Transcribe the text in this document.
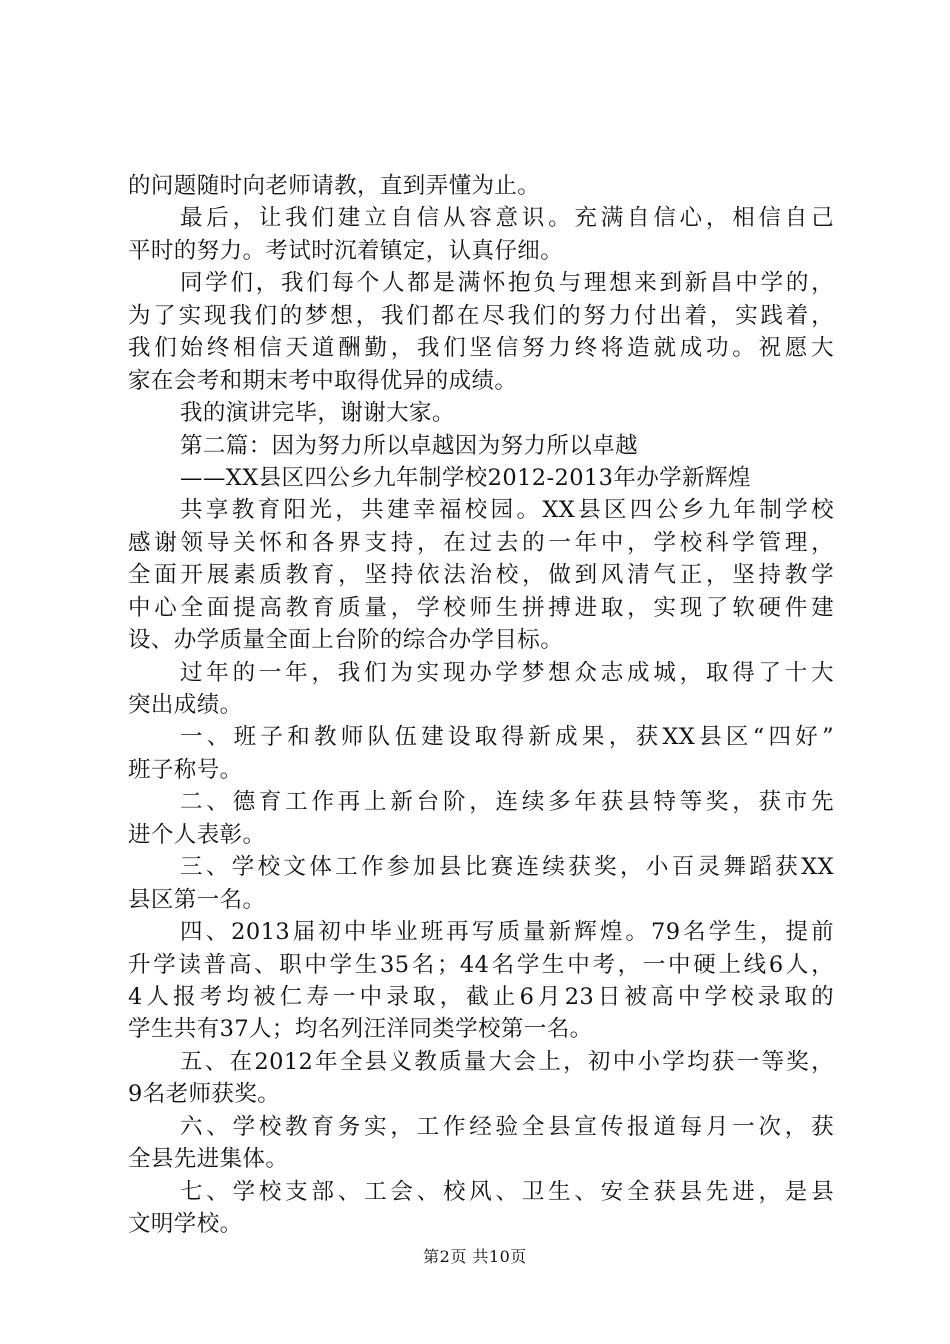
的问题随时向老师请教，直到弄懂为止。
最后，让我们建立自信从容意识。充满自信心，相信自己
平时的努力。考试时沉着镇定，认真仔细。
同学们，我们每个人都是满怀抱负与理想来到新昌中学的，
为了实现我们的梦想，我们都在尽我们的努力付出着，实践着，
我们始终相信天道酬勤，我们坚信努力终将造就成功。祝愿大
家在会考和期末考中取得优异的成绩。
我的演讲完毕，谢谢大家。
第二篇：因为努力所以卓越因为努力所以卓越
——XX县区四公乡九年制学校2012-2013年办学新辉煌
共享教育阳光，共建幸福校园。XX县区四公乡九年制学校
感谢领导关怀和各界支持，在过去的一年中，学校科学管理，
全面开展素质教育，坚持依法治校，做到风清气正，坚持教学
中心全面提高教育质量，学校师生拼搏进取，实现了软硬件建
设、办学质量全面上台阶的综合办学目标。
过年的一年，我们为实现办学梦想众志成城，取得了十大
突出成绩。
一、班子和教师队伍建设取得新成果，获XX县区“四好”
班子称号。
二、德育工作再上新台阶，连续多年获县特等奖，获市先
进个人表彰。
三、学校文体工作参加县比赛连续获奖，小百灵舞蹈获XX
县区第一名。
四、2013届初中毕业班再写质量新辉煌。79名学生，提前
升学读普高、职中学生35名；44名学生中考，一中硬上线6人，
4人报考均被仁寿一中录取，截止6月23日被高中学校录取的
学生共有37人；均名列汪洋同类学校第一名。
五、在2012年全县义教质量大会上，初中小学均获一等奖，
9名老师获奖。
六、学校教育务实，工作经验全县宣传报道每月一次，获
全县先进集体。
七、学校支部、工会、校风、卫生、安全获县先进，是县
文明学校。
第2页 共10页
